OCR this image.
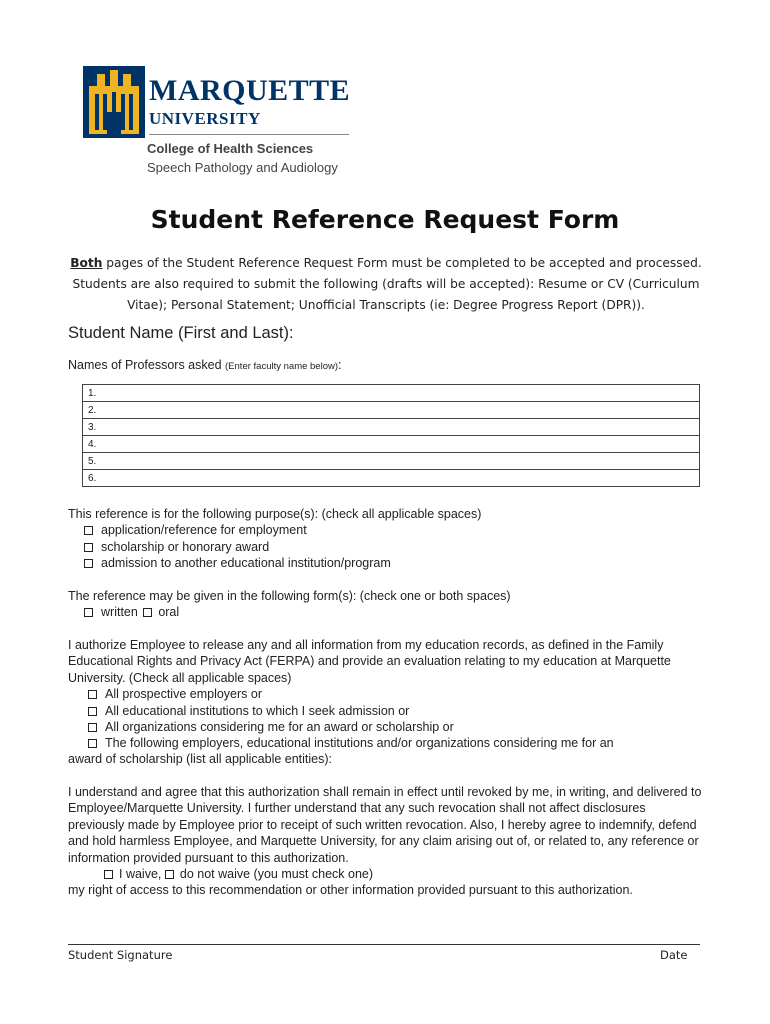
MARQUETTE
UNIVERSITY
College of Health Sciences
Speech Pathology and Audiology
Student Reference Request Form
Both pages of the Student Reference Request Form must be completed to be accepted and processed. Students are also required to submit the following (drafts will be accepted): Resume or CV (Curriculum Vitae); Personal Statement; Unofficial Transcripts (ie: Degree Progress Report (DPR)).
Student Name (First and Last):
Names of Professors asked (Enter faculty name below):
1.
2.
3.
4.
5.
6.
This reference is for the following purpose(s): (check all applicable spaces)
application/reference for employment
scholarship or honorary award
admission to another educational institution/program
The reference may be given in the following form(s): (check one or both spaces)
written oral
I authorize Employee to release any and all information from my education records, as defined in the Family Educational Rights and Privacy Act (FERPA) and provide an evaluation relating to my education at Marquette University. (Check all applicable spaces)
All prospective employers or
All educational institutions to which I seek admission or
All organizations considering me for an award or scholarship or
The following employers, educational institutions and/or organizations considering me for an
award of scholarship (list all applicable entities):
I understand and agree that this authorization shall remain in effect until revoked by me, in writing, and delivered to Employee/Marquette University. I further understand that any such revocation shall not affect disclosures previously made by Employee prior to receipt of such written revocation. Also, I hereby agree to indemnify, defend and hold harmless Employee, and Marquette University, for any claim arising out of, or related to, any reference or information provided pursuant to this authorization.
I waive, do not waive (you must check one)
my right of access to this recommendation or other information provided pursuant to this authorization.
Student Signature	Date
